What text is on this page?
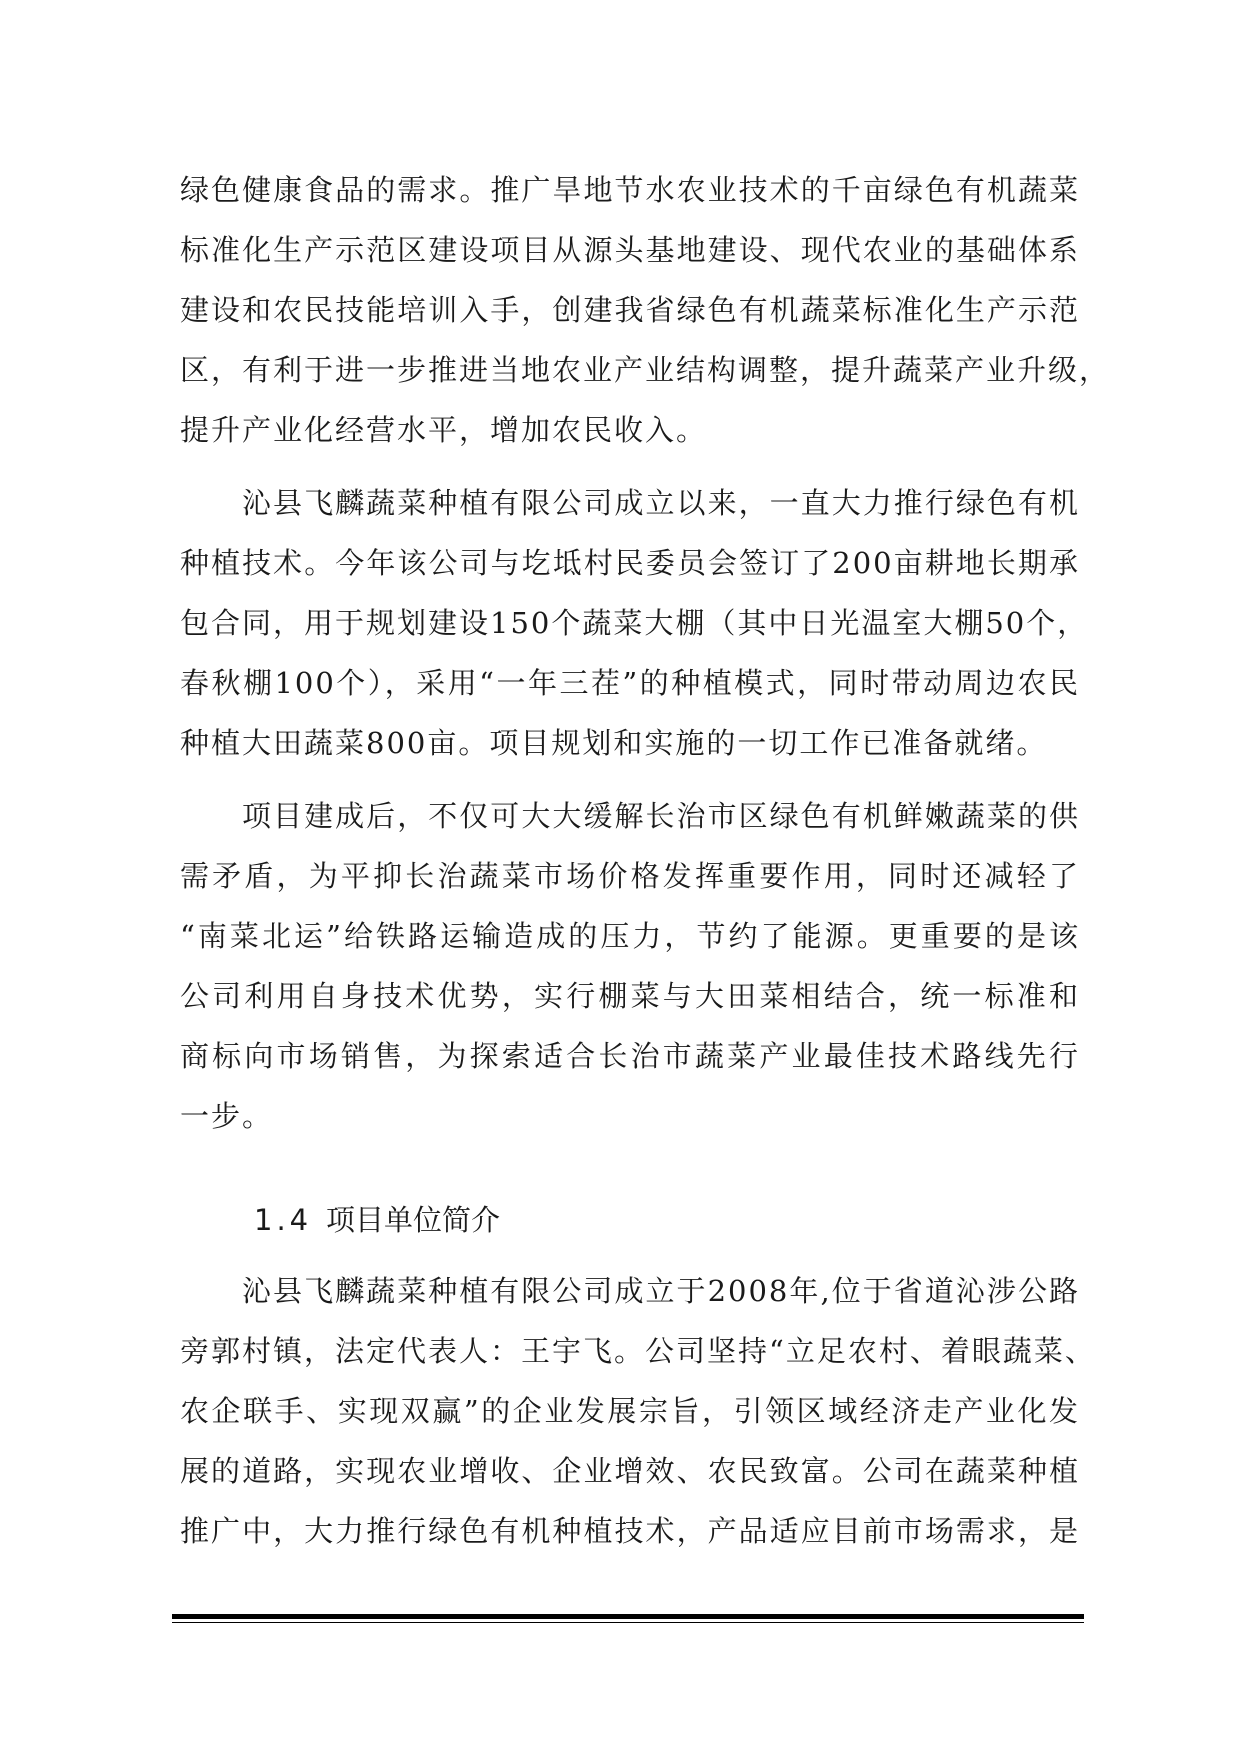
绿色健康食品的需求。推广旱地节水农业技术的千亩绿色有机蔬菜
标准化生产示范区建设项目从源头基地建设、现代农业的基础体系
建设和农民技能培训入手，创建我省绿色有机蔬菜标准化生产示范
区，有利于进一步推进当地农业产业结构调整，提升蔬菜产业升级，
提升产业化经营水平，增加农民收入。
沁县飞麟蔬菜种植有限公司成立以来，一直大力推行绿色有机
种植技术。今年该公司与圪坻村民委员会签订了200亩耕地长期承
包合同，用于规划建设150个蔬菜大棚（其中日光温室大棚50个，
春秋棚100个），采用“一年三茬”的种植模式，同时带动周边农民
种植大田蔬菜800亩。项目规划和实施的一切工作已准备就绪。
项目建成后，不仅可大大缓解长治市区绿色有机鲜嫩蔬菜的供
需矛盾，为平抑长治蔬菜市场价格发挥重要作用，同时还减轻了
“南菜北运”给铁路运输造成的压力，节约了能源。更重要的是该
公司利用自身技术优势，实行棚菜与大田菜相结合，统一标准和
商标向市场销售，为探索适合长治市蔬菜产业最佳技术路线先行
一步。
1.4 项目单位简介
沁县飞麟蔬菜种植有限公司成立于2008年,位于省道沁涉公路
旁郭村镇，法定代表人：王宇飞。公司坚持“立足农村、着眼蔬菜、
农企联手、实现双赢”的企业发展宗旨，引领区域经济走产业化发
展的道路，实现农业增收、企业增效、农民致富。公司在蔬菜种植
推广中，大力推行绿色有机种植技术，产品适应目前市场需求，是
